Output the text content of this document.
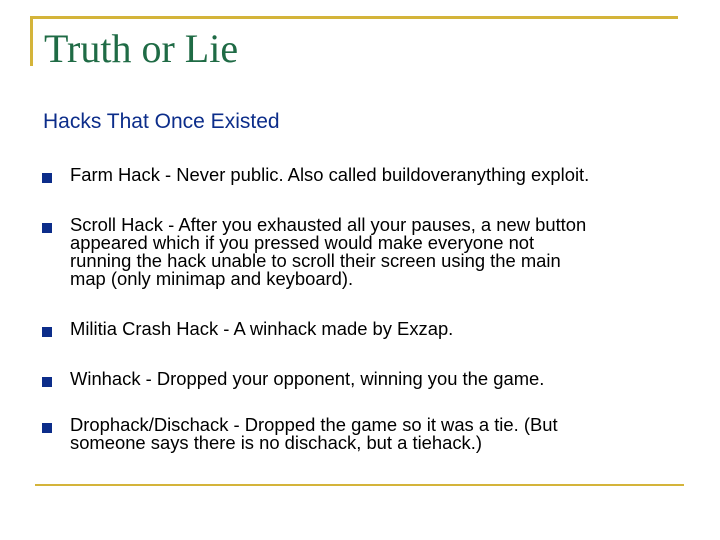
Truth or Lie
Hacks That Once Existed
Farm Hack - Never public. Also called buildoveranything exploit.
Scroll Hack - After you exhausted all your pauses, a new button
appeared which if you pressed would make everyone not
running the hack unable to scroll their screen using the main
map (only minimap and keyboard).
Militia Crash Hack - A winhack made by Exzap.
Winhack - Dropped your opponent, winning you the game.
Drophack/Dischack - Dropped the game so it was a tie. (But
someone says there is no dischack, but a tiehack.)
